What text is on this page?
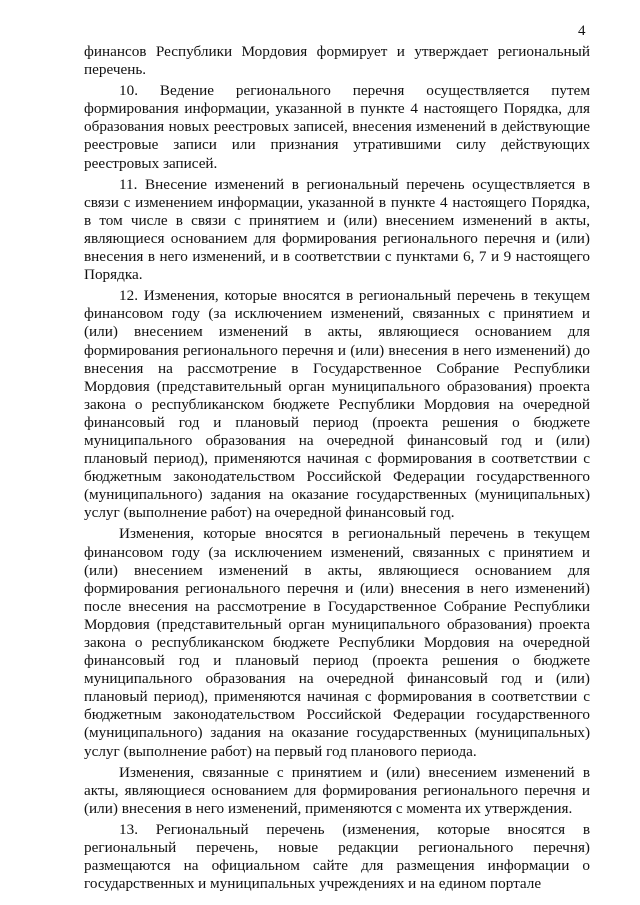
4

финансов Республики Мордовия формирует и утверждает региональный перечень.

10. Ведение регионального перечня осуществляется путем формирования информации, указанной в пункте 4 настоящего Порядка, для образования новых реестровых записей, внесения изменений в действующие реестровые записи или признания утратившими силу действующих реестровых записей.

11. Внесение изменений в региональный перечень осуществляется в связи с изменением информации, указанной в пункте 4 настоящего Порядка, в том числе в связи с принятием и (или) внесением изменений в акты, являющиеся основанием для формирования регионального перечня и (или) внесения в него изменений, и в соответствии с пунктами 6, 7 и 9 настоящего Порядка.

12. Изменения, которые вносятся в региональный перечень в текущем финансовом году (за исключением изменений, связанных с принятием и (или) внесением изменений в акты, являющиеся основанием для формирования регионального перечня и (или) внесения в него изменений) до внесения на рассмотрение в Государственное Собрание Республики Мордовия (представительный орган муниципального образования) проекта закона о республиканском бюджете Республики Мордовия на очередной финансовый год и плановый период (проекта решения о бюджете муниципального образования на очередной финансовый год и (или) плановый период), применяются начиная с формирования в соответствии с бюджетным законодательством Российской Федерации государственного (муниципального) задания на оказание государственных (муниципальных) услуг (выполнение работ) на очередной финансовый год.

Изменения, которые вносятся в региональный перечень в текущем финансовом году (за исключением изменений, связанных с принятием и (или) внесением изменений в акты, являющиеся основанием для формирования регионального перечня и (или) внесения в него изменений) после внесения на рассмотрение в Государственное Собрание Республики Мордовия (представительный орган муниципального образования) проекта закона о республиканском бюджете Республики Мордовия на очередной финансовый год и плановый период (проекта решения о бюджете муниципального образования на очередной финансовый год и (или) плановый период), применяются начиная с формирования в соответствии с бюджетным законодательством Российской Федерации государственного (муниципального) задания на оказание государственных (муниципальных) услуг (выполнение работ) на первый год планового периода.

Изменения, связанные с принятием и (или) внесением изменений в акты, являющиеся основанием для формирования регионального перечня и (или) внесения в него изменений, применяются с момента их утверждения.

13. Региональный перечень (изменения, которые вносятся в региональный перечень, новые редакции регионального перечня) размещаются на официальном сайте для размещения информации о государственных и муниципальных учреждениях и на едином портале
